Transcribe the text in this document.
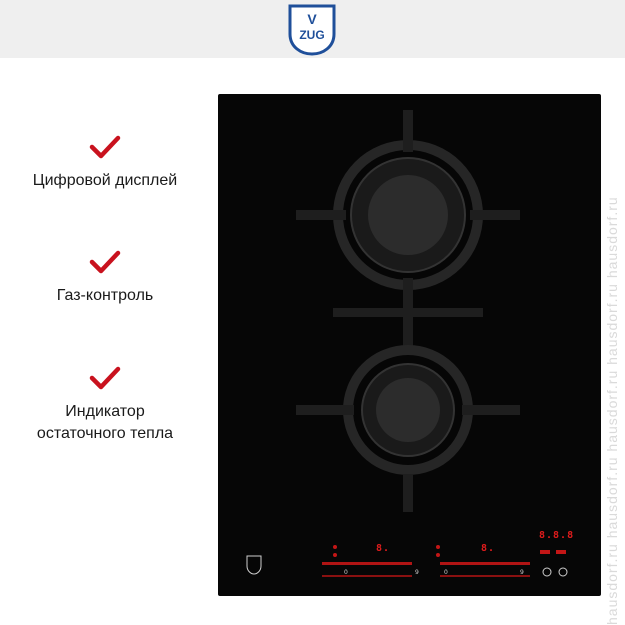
V
ZUG
Цифровой дисплей
Газ-контроль
Индикатор
остаточного тепла
8.	8.
8.8.8
0	9	0	9	hausdorf.ru hausdorf.ru hausdorf.ru hausdorf.ru hausdorf.ru
